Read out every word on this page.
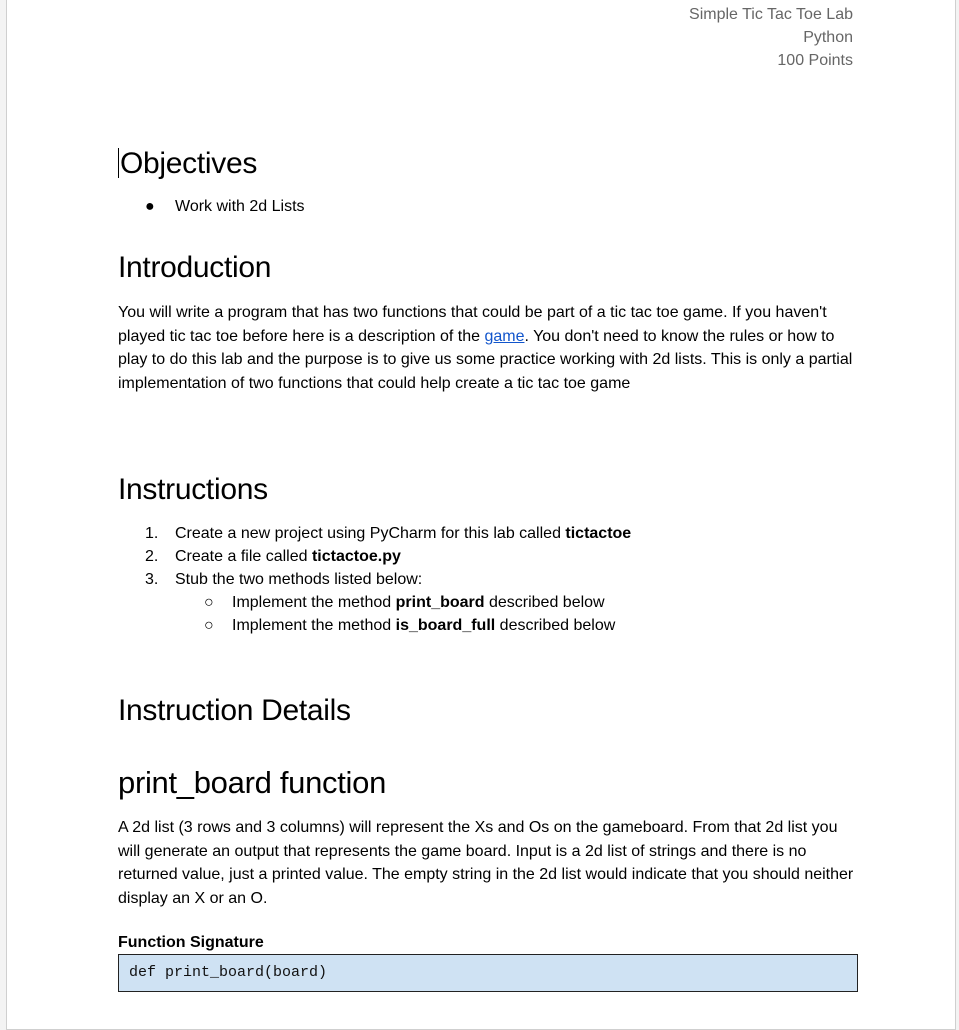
Simple Tic Tac Toe Lab
Python
100 Points
Objectives
● Work with 2d Lists
Introduction

You will write a program that has two functions that could be part of a tic tac toe game. If you haven't played tic tac toe before here is a description of the game. You don't need to know the rules or how to play to do this lab and the purpose is to give us some practice working with 2d lists. This is only a partial implementation of two functions that could help create a tic tac toe game

Instructions
1. Create a new project using PyCharm for this lab called tictactoe
2. Create a file called tictactoe.py
3. Stub the two methods listed below:
○ Implement the method print_board described below
○ Implement the method is_board_full described below
Instruction Details
print_board function

A 2d list (3 rows and 3 columns) will represent the Xs and Os on the gameboard. From that 2d list you will generate an output that represents the game board. Input is a 2d list of strings and there is no returned value, just a printed value. The empty string in the 2d list would indicate that you should neither display an X or an O.

Function Signature
def print_board(board)
